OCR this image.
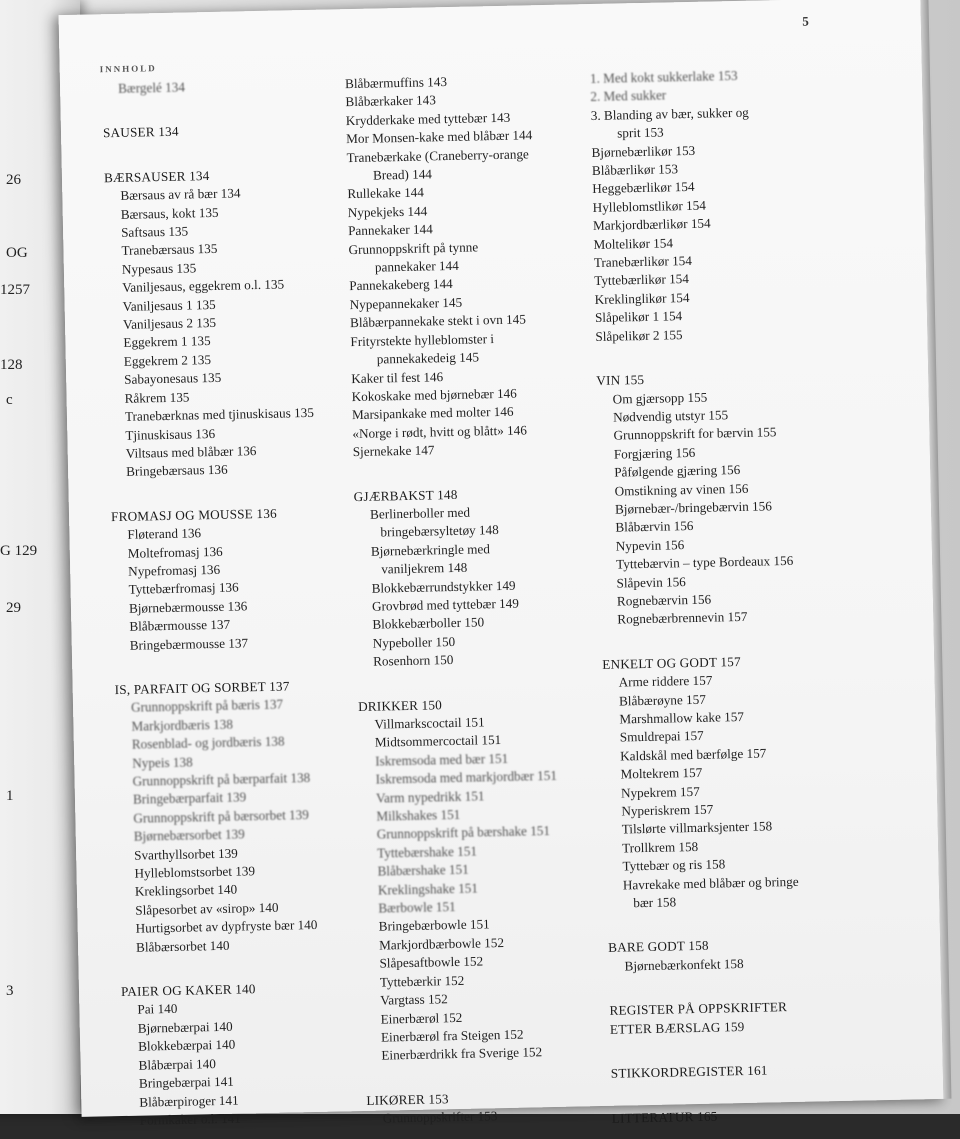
26
OG
1257
128
c
G 129
29
1
3
INNHOLD
5
Bærgelé 134
SAUSER 134
BÆRSAUSER 134
Bærsaus av rå bær 134
Bærsaus, kokt 135
Saftsaus 135
Tranebærsaus 135
Nypesaus 135
Vaniljesaus, eggekrem o.l. 135
Vaniljesaus 1 135
Vaniljesaus 2 135
Eggekrem 1 135
Eggekrem 2 135
Sabayonesaus 135
Råkrem 135
Tranebærknas med tjinuskisaus 135
Tjinuskisaus 136
Viltsaus med blåbær 136
Bringebærsaus 136
FROMASJ OG MOUSSE 136
Fløterand 136
Moltefromasj 136
Nypefromasj 136
Tyttebærfromasj 136
Bjørnebærmousse 136
Blåbærmousse 137
Bringebærmousse 137
IS, PARFAIT OG SORBET 137
Grunnoppskrift på bæris 137
Markjordbæris 138
Rosenblad- og jordbæris 138
Nypeis 138
Grunnoppskrift på bærparfait 138
Bringebærparfait 139
Grunnoppskrift på bærsorbet 139
Bjørnebærsorbet 139
Svarthyllsorbet 139
Hylleblomstsorbet 139
Kreklingsorbet 140
Slåpesorbet av «sirop» 140
Hurtigsorbet av dypfryste bær 140
Blåbærsorbet 140
PAIER OG KAKER 140
Pai 140
Bjørnebærpai 140
Blokkebærpai 140
Blåbærpai 140
Bringebærpai 141
Blåbærpiroger 141
Formkaker o.l. 141
Blåbærmuffins 143
Blåbærkaker 143
Krydderkake med tyttebær 143
Mor Monsen-kake med blåbær 144
Tranebærkake (Craneberry-orange
Bread) 144
Rullekake 144
Nypekjeks 144
Pannekaker 144
Grunnoppskrift på tynne
pannekaker 144
Pannekakeberg 144
Nypepannekaker 145
Blåbærpannekake stekt i ovn 145
Frityrstekte hylleblomster i
pannekakedeig 145
Kaker til fest 146
Kokoskake med bjørnebær 146
Marsipankake med molter 146
«Norge i rødt, hvitt og blått» 146
Sjernekake 147
GJÆRBAKST 148
Berlinerboller med
bringebærsyltetøy 148
Bjørnebærkringle med
vaniljekrem 148
Blokkebærrundstykker 149
Grovbrød med tyttebær 149
Blokkebærboller 150
Nypeboller 150
Rosenhorn 150
DRIKKER 150
Villmarkscoctail 151
Midtsommercoctail 151
Iskremsoda med bær 151
Iskremsoda med markjordbær 151
Varm nypedrikk 151
Milkshakes 151
Grunnoppskrift på bærshake 151
Tyttebærshake 151
Blåbærshake 151
Kreklingshake 151
Bærbowle 151
Bringebærbowle 151
Markjordbærbowle 152
Slåpesaftbowle 152
Tyttebærkir 152
Vargtass 152
Einerbærøl 152
Einerbærøl fra Steigen 152
Einerbærdrikk fra Sverige 152
LIKØRER 153
Grunnoppskrifter 153
1. Med kokt sukkerlake 153
2. Med sukker
3. Blanding av bær, sukker og
sprit 153
Bjørnebærlikør 153
Blåbærlikør 153
Heggebærlikør 154
Hylleblomstlikør 154
Markjordbærlikør 154
Moltelikør 154
Tranebærlikør 154
Tyttebærlikør 154
Kreklinglikør 154
Slåpelikør 1 154
Slåpelikør 2 155
VIN 155
Om gjærsopp 155
Nødvendig utstyr 155
Grunnoppskrift for bærvin 155
Forgjæring 156
Påfølgende gjæring 156
Omstikning av vinen 156
Bjørnebær-/bringebærvin 156
Blåbærvin 156
Nypevin 156
Tyttebærvin – type Bordeaux 156
Slåpevin 156
Rognebærvin 156
Rognebærbrennevin 157
ENKELT OG GODT 157
Arme riddere 157
Blåbærøyne 157
Marshmallow kake 157
Smuldrepai 157
Kaldskål med bærfølge 157
Moltekrem 157
Nypekrem 157
Nyperiskrem 157
Tilslørte villmarksjenter 158
Trollkrem 158
Tyttebær og ris 158
Havrekake med blåbær og bringe
bær 158
BARE GODT 158
Bjørnebærkonfekt 158
REGISTER PÅ OPPSKRIFTER
ETTER BÆRSLAG 159
STIKKORDREGISTER 161
LITTERATUR 165
